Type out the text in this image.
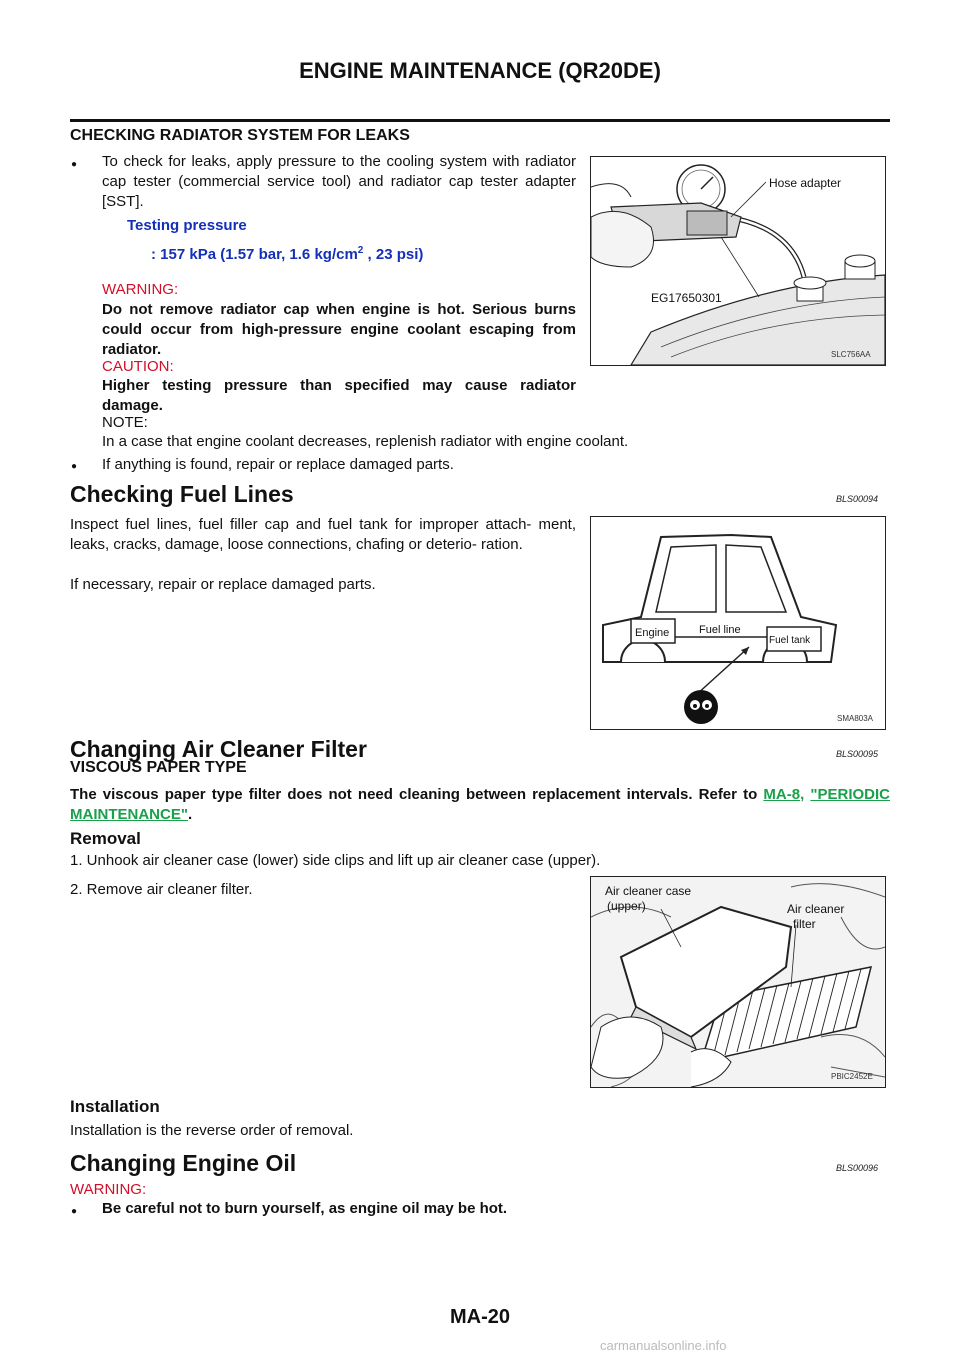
ENGINE MAINTENANCE (QR20DE)
CHECKING RADIATOR SYSTEM FOR LEAKS
● To check for leaks, apply pressure to the cooling system with radiator cap tester (commercial service tool) and radiator cap tester adapter [SST].
Testing pressure
: 157 kPa (1.57 bar, 1.6 $kg/cm^2$ , 23 psi)
WARNING:
Do not remove radiator cap when engine is hot. Serious burns could occur from high-pressure engine coolant escaping from radiator.
CAUTION:
Higher testing pressure than specified may cause radiator damage.
NOTE:
In a case that engine coolant decreases, replenish radiator with engine coolant.
● If anything is found, repair or replace damaged parts.
Hose adapter
EG17650301
SLC756AA
Checking Fuel Lines	BLS00094
Inspect fuel lines, fuel filler cap and fuel tank for improper attach- ment, leaks, cracks, damage, loose connections, chafing or deterio- ration.
If necessary, repair or replace damaged parts.
Engine	Fuel line
Fuel tank
SMA803A
Changing Air Cleaner Filter	BLS00095
VISCOUS PAPER TYPE
The viscous paper type filter does not need cleaning between replacement intervals. Refer to MA-8, "PERIODIC MAINTENANCE".
Removal
1. Unhook air cleaner case (lower) side clips and lift up air cleaner case (upper).
2. Remove air cleaner filter.	Air cleaner case
(upper)	Air cleaner
filter
PBIC2452E
Installation
Installation is the reverse order of removal.
Changing Engine Oil	BLS00096
WARNING:
● Be careful not to burn yourself, as engine oil may be hot.
MA-20
carmanualsonline.info
